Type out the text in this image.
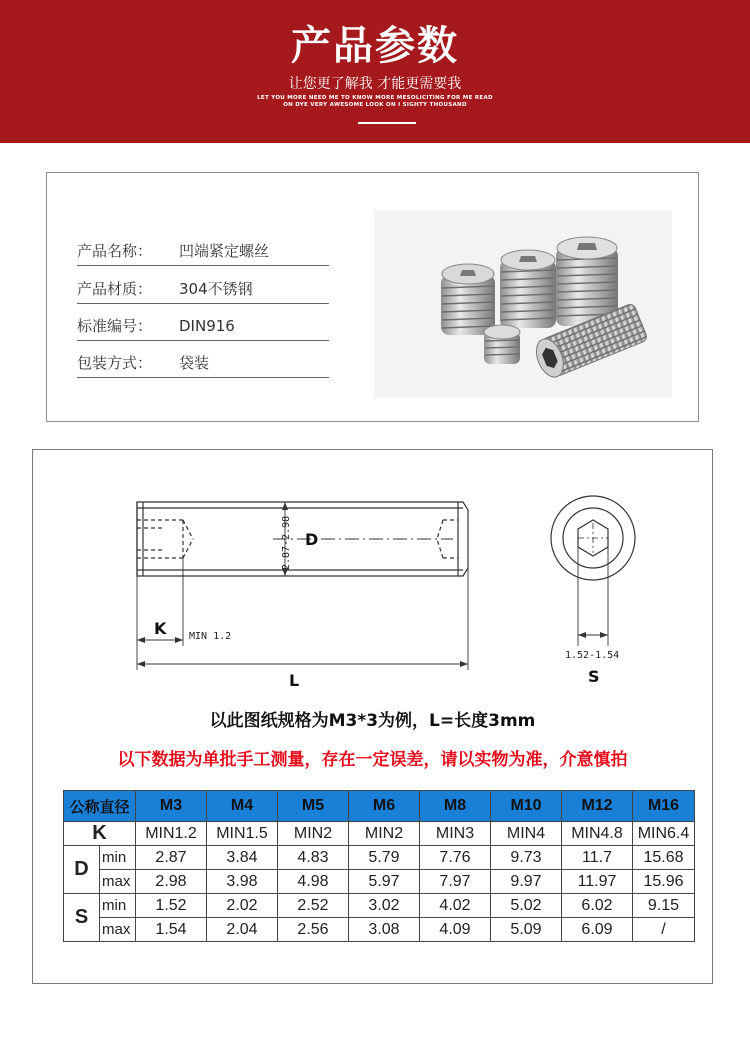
产品参数
让您更了解我 才能更需要我
LET YOU MORE NEED ME TO KNOW MORE MESOLICITING FOR ME READ
ON DYE VERY AWESOME LOOK ON I SIGHTY THOUSAND
产品名称： 凹端紧定螺丝
产品材质： 304不锈钢
标准编号： DIN916
包装方式： 袋装
2.87-2.98 D
K MIN 1.2
L
1.52-1.54
S
以此图纸规格为M3*3为例，L=长度3mm
以下数据为单批手工测量，存在一定误差，请以实物为准，介意慎拍
公称直径		M3	M4	M5	M6	M8	M10	M12	M16
K		MIN1.2	MIN1.5	MIN2	MIN2	MIN3	MIN4	MIN4.8	MIN6.4
D	min	2.87	3.84	4.83	5.79	7.76	9.73	11.7	15.68
	max	2.98	3.98	4.98	5.97	7.97	9.97	11.97	15.96
S	min	1.52	2.02	2.52	3.02	4.02	5.02	6.02	9.15
	max	1.54	2.04	2.56	3.08	4.09	5.09	6.09	/
